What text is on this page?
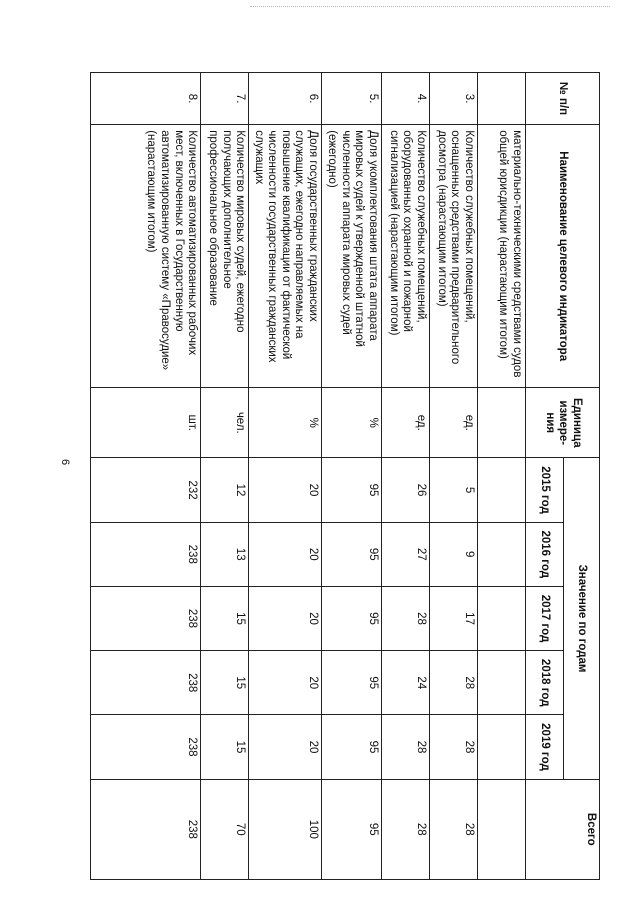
6
№ п/п	Наименование целевого индикатора	Единица измере-ния	Значение по годам					Всего
			2015 год	2016 год	2017 год	2018 год	2019 год	
	материально-техническими средствами судов общей юрисдикции (нарастающим итогом)							
3.	Количество служебных помещений, оснащенных средствами предварительного досмотра (нарастающим итогом)	ед.	5	9	17	28	28	28
4.	Количество служебных помещений, оборудованных охранной и пожарной сигнализацией (нарастающим итогом)	ед.	26	27	28	24	28	28
5.	Доля укомплектования штата аппарата мировых судей к утвержденной штатной численности аппарата мировых судей (ежегодно)	%	95	95	95	95	95	95
6.	Доля государственных гражданских служащих, ежегодно направляемых на повышение квалификации от фактической численности государственных гражданских служащих	%	20	20	20	20	20	100
7.	Количество мировых судей, ежегодно получающих дополнительное профессиональное образование	чел.	12	13	15	15	15	70
8.	Количество автоматизированных рабочих мест, включенных в Государственную автоматизированную систему «Правосудие» (нарастающим итогом)	шт.	232	238	238	238	238	238
